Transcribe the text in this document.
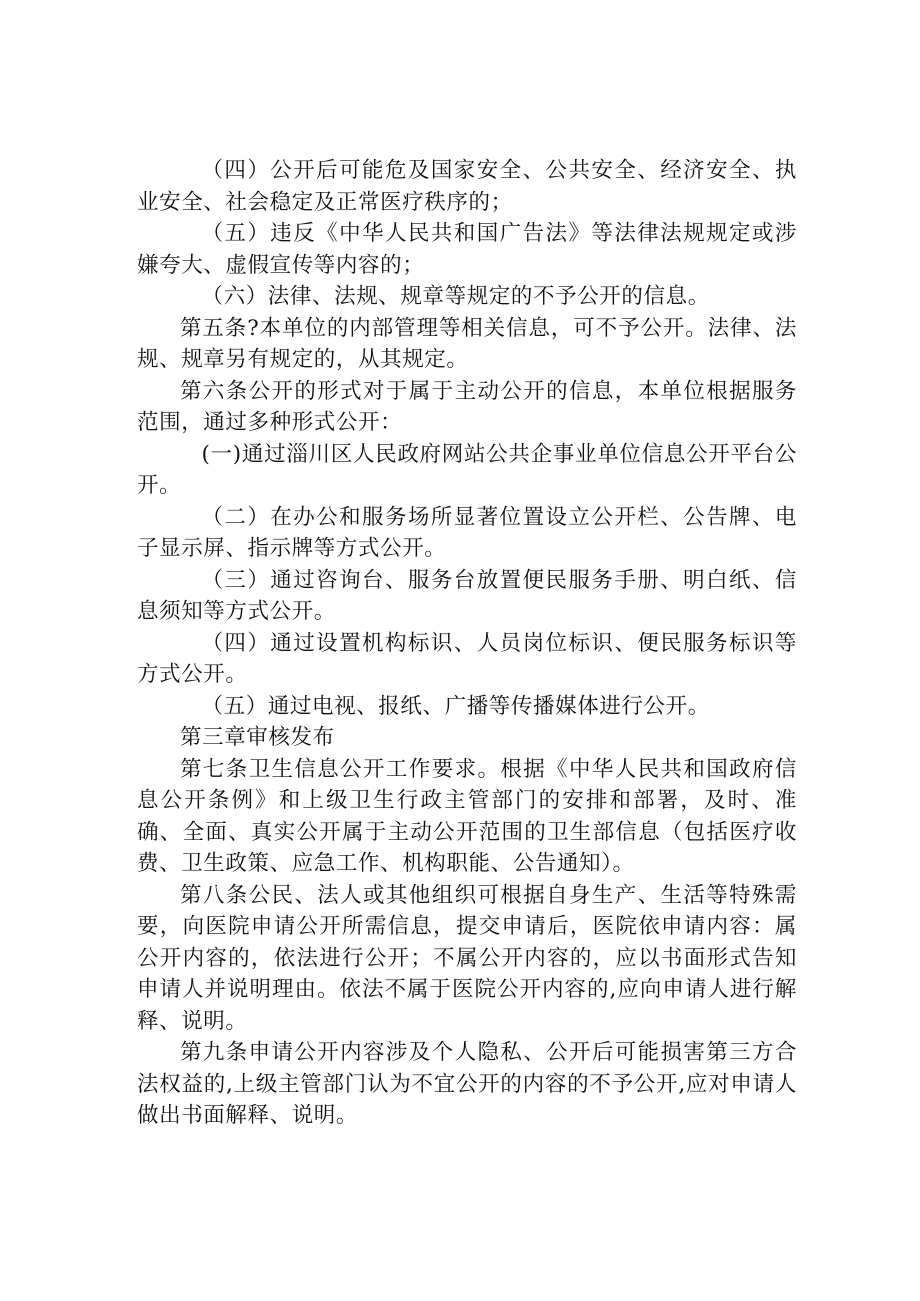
（四）公开后可能危及国家安全、公共安全、经济安全、执业安全、社会稳定及正常医疗秩序的；

（五）违反《中华人民共和国广告法》等法律法规规定或涉嫌夸大、虚假宣传等内容的；

（六）法律、法规、规章等规定的不予公开的信息。

第五条?本单位的内部管理等相关信息，可不予公开。法律、法规、规章另有规定的，从其规定。

第六条公开的形式对于属于主动公开的信息，本单位根据服务范围，通过多种形式公开：

(一)通过淄川区人民政府网站公共企事业单位信息公开平台公开。

（二）在办公和服务场所显著位置设立公开栏、公告牌、电子显示屏、指示牌等方式公开。

（三）通过咨询台、服务台放置便民服务手册、明白纸、信息须知等方式公开。

（四）通过设置机构标识、人员岗位标识、便民服务标识等方式公开。

（五）通过电视、报纸、广播等传播媒体进行公开。

第三章审核发布

第七条卫生信息公开工作要求。根据《中华人民共和国政府信息公开条例》和上级卫生行政主管部门的安排和部署，及时、准确、全面、真实公开属于主动公开范围的卫生部信息（包括医疗收费、卫生政策、应急工作、机构职能、公告通知）。

第八条公民、法人或其他组织可根据自身生产、生活等特殊需要，向医院申请公开所需信息，提交申请后，医院依申请内容：属公开内容的，依法进行公开；不属公开内容的，应以书面形式告知申请人并说明理由。依法不属于医院公开内容的,应向申请人进行解释、说明。

第九条申请公开内容涉及个人隐私、公开后可能损害第三方合法权益的,上级主管部门认为不宜公开的内容的不予公开,应对申请人做出书面解释、说明。
